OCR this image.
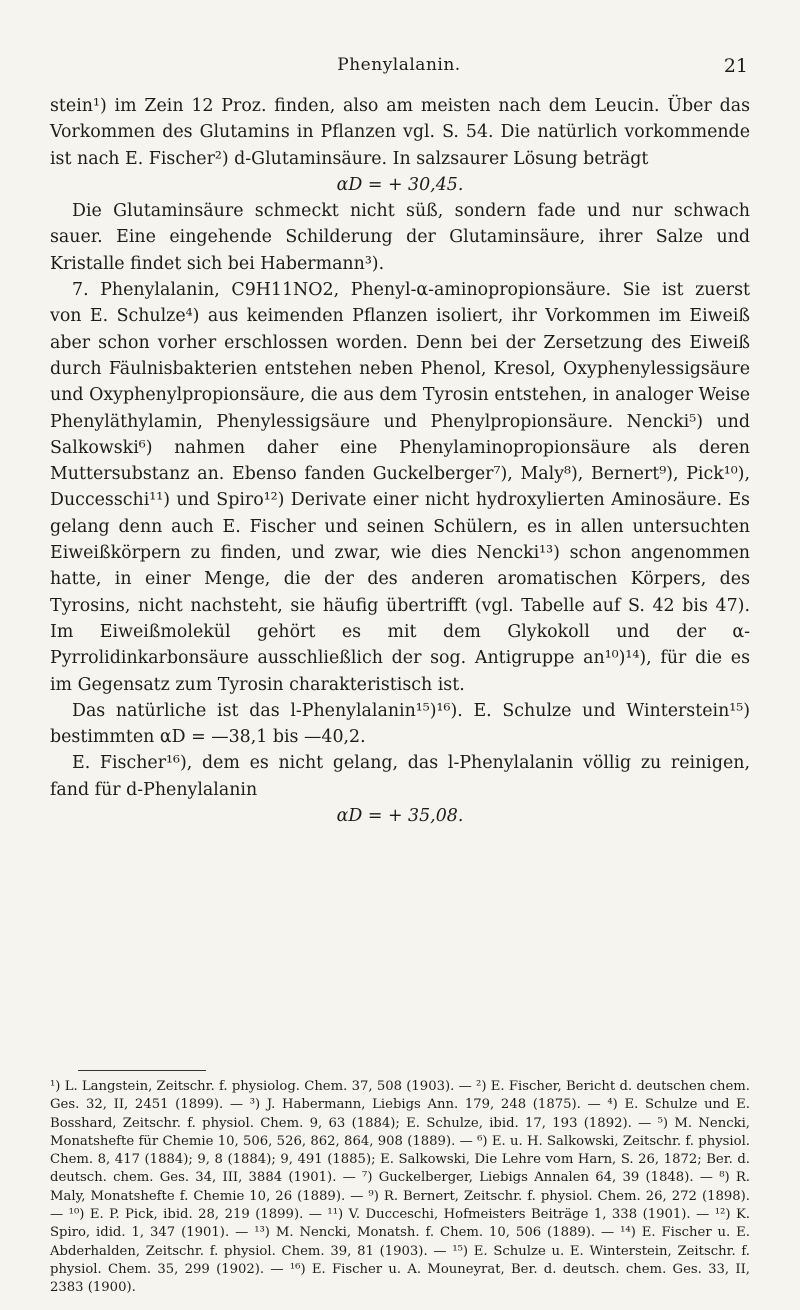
Phenylalanin.	21

stein¹) im Zein 12 Proz. finden, also am meisten nach dem Leucin. Über das Vorkommen des Glutamins in Pflanzen vgl. S. 54. Die natürlich vorkommende ist nach E. Fischer²) d-Glutaminsäure. In salzsaurer Lösung beträgt

αD = + 30,45.

Die Glutaminsäure schmeckt nicht süß, sondern fade und nur schwach sauer. Eine eingehende Schilderung der Glutaminsäure, ihrer Salze und Kristalle findet sich bei Habermann³).

7. Phenylalanin, C9H11NO2, Phenyl-α-aminopropionsäure. Sie ist zuerst von E. Schulze⁴) aus keimenden Pflanzen isoliert, ihr Vorkommen im Eiweiß aber schon vorher erschlossen worden. Denn bei der Zersetzung des Eiweiß durch Fäulnisbakterien entstehen neben Phenol, Kresol, Oxyphenylessigsäure und Oxyphenylpropionsäure, die aus dem Tyrosin entstehen, in analoger Weise Phenyläthylamin, Phenylessigsäure und Phenylpropionsäure. Nencki⁵) und Salkowski⁶) nahmen daher eine Phenylaminopropionsäure als deren Muttersubstanz an. Ebenso fanden Guckelberger⁷), Maly⁸), Bernert⁹), Pick¹⁰), Duccesschi¹¹) und Spiro¹²) Derivate einer nicht hydroxylierten Aminosäure. Es gelang denn auch E. Fischer und seinen Schülern, es in allen untersuchten Eiweißkörpern zu finden, und zwar, wie dies Nencki¹³) schon angenommen hatte, in einer Menge, die der des anderen aromatischen Körpers, des Tyrosins, nicht nachsteht, sie häufig übertrifft (vgl. Tabelle auf S. 42 bis 47). Im Eiweißmolekül gehört es mit dem Glykokoll und der α-Pyrrolidinkarbonsäure ausschließlich der sog. Antigruppe an¹⁰)¹⁴), für die es im Gegensatz zum Tyrosin charakteristisch ist.

Das natürliche ist das l-Phenylalanin¹⁵)¹⁶). E. Schulze und Winterstein¹⁵) bestimmten αD = —38,1 bis —40,2.

E. Fischer¹⁶), dem es nicht gelang, das l-Phenylalanin völlig zu reinigen, fand für d-Phenylalanin

αD = + 35,08.

¹) L. Langstein, Zeitschr. f. physiolog. Chem. 37, 508 (1903). — ²) E. Fischer, Bericht d. deutschen chem. Ges. 32, II, 2451 (1899). — ³) J. Habermann, Liebigs Ann. 179, 248 (1875). — ⁴) E. Schulze und E. Bosshard, Zeitschr. f. physiol. Chem. 9, 63 (1884); E. Schulze, ibid. 17, 193 (1892). — ⁵) M. Nencki, Monatshefte für Chemie 10, 506, 526, 862, 864, 908 (1889). — ⁶) E. u. H. Salkowski, Zeitschr. f. physiol. Chem. 8, 417 (1884); 9, 8 (1884); 9, 491 (1885); E. Salkowski, Die Lehre vom Harn, S. 26, 1872; Ber. d. deutsch. chem. Ges. 34, III, 3884 (1901). — ⁷) Guckelberger, Liebigs Annalen 64, 39 (1848). — ⁸) R. Maly, Monatshefte f. Chemie 10, 26 (1889). — ⁹) R. Bernert, Zeitschr. f. physiol. Chem. 26, 272 (1898). — ¹⁰) E. P. Pick, ibid. 28, 219 (1899). — ¹¹) V. Ducceschi, Hofmeisters Beiträge 1, 338 (1901). — ¹²) K. Spiro, idid. 1, 347 (1901). — ¹³) M. Nencki, Monatsh. f. Chem. 10, 506 (1889). — ¹⁴) E. Fischer u. E. Abderhalden, Zeitschr. f. physiol. Chem. 39, 81 (1903). — ¹⁵) E. Schulze u. E. Winterstein, Zeitschr. f. physiol. Chem. 35, 299 (1902). — ¹⁶) E. Fischer u. A. Mouneyrat, Ber. d. deutsch. chem. Ges. 33, II, 2383 (1900).
